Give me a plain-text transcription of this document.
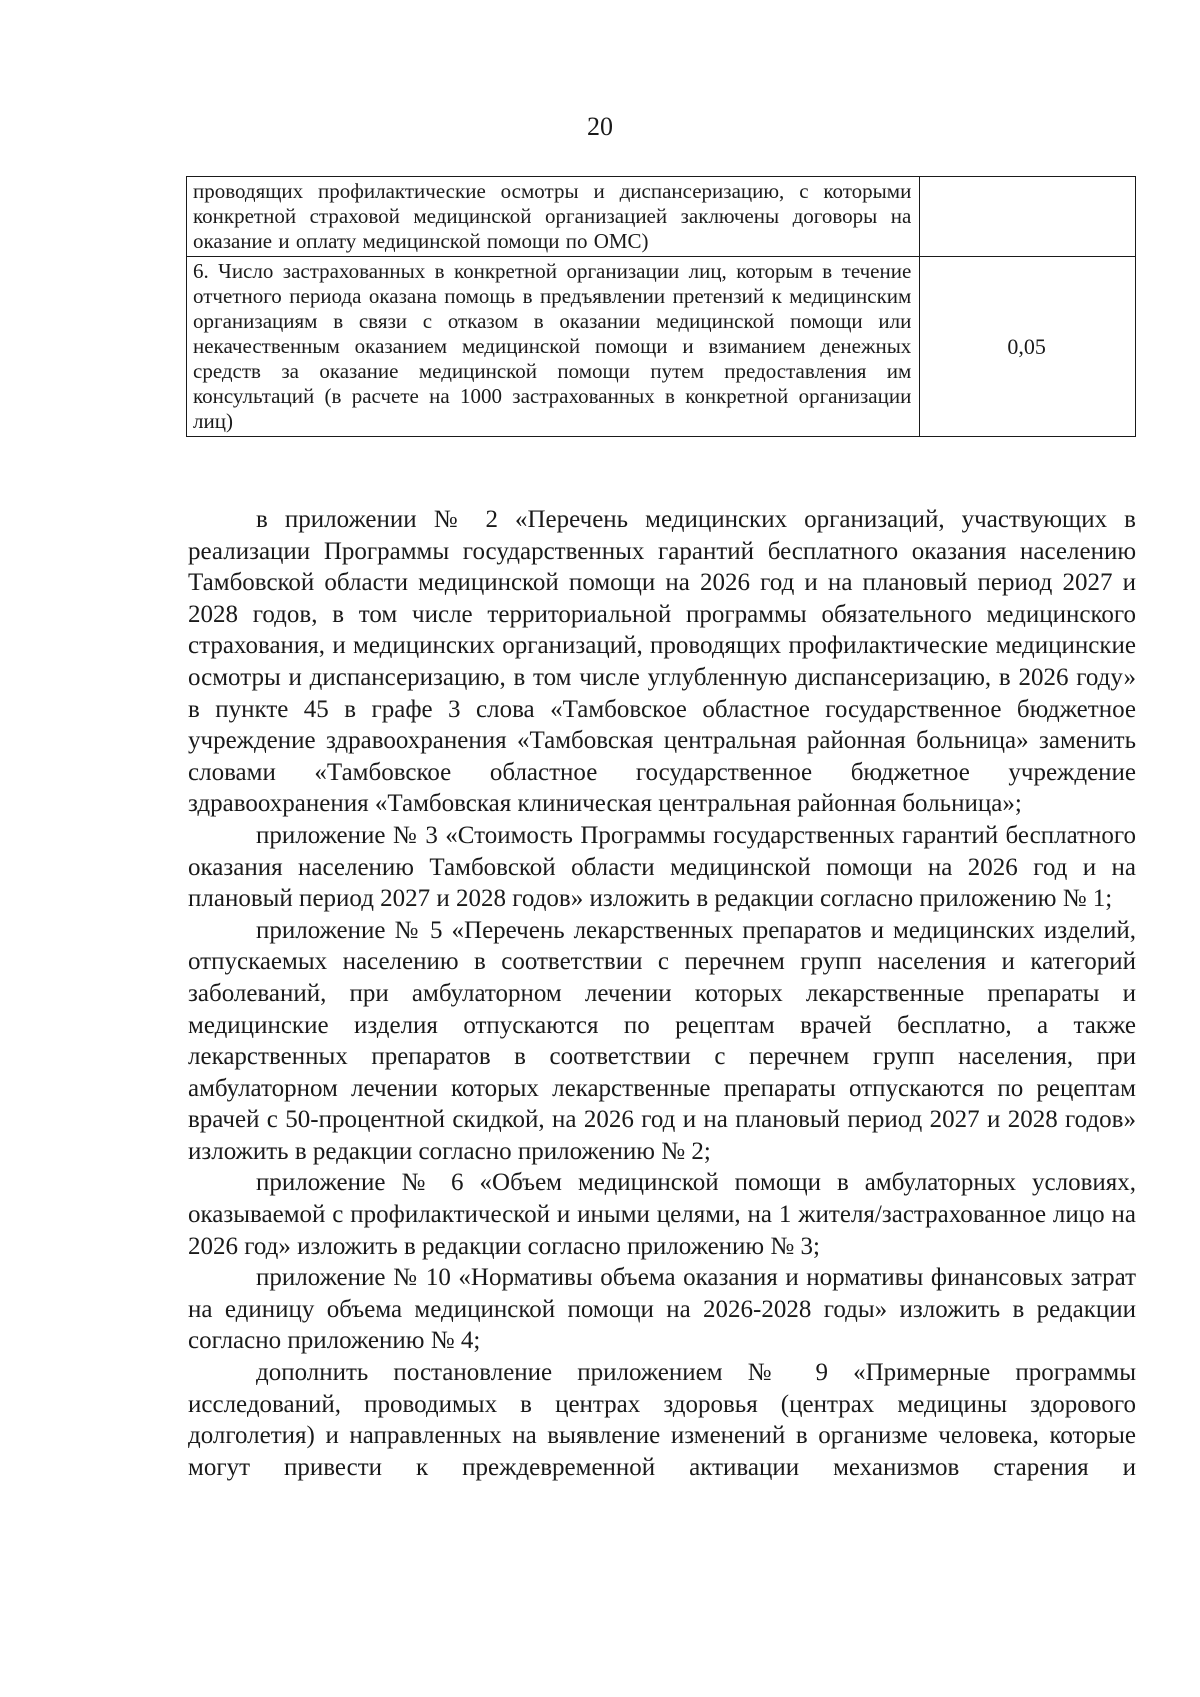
20
проводящих профилактические осмотры и диспансеризацию, с которыми конкретной страховой медицинской организацией заключены договоры на оказание и оплату медицинской помощи по ОМС)	
6. Число застрахованных в конкретной организации лиц, которым в течение отчетного периода оказана помощь в предъявлении претензий к медицинским организациям в связи с отказом в оказании медицинской помощи или некачественным оказанием медицинской помощи и взиманием денежных средств за оказание медицинской помощи путем предоставления им консультаций (в расчете на 1000 застрахованных в конкретной организации лиц)	0,05

в приложении № 2 «Перечень медицинских организаций, участвующих в реализации Программы государственных гарантий бесплатного оказания населению Тамбовской области медицинской помощи на 2026 год и на плановый период 2027 и 2028 годов, в том числе территориальной программы обязательного медицинского страхования, и медицинских организаций, проводящих профилактические медицинские осмотры и диспансеризацию, в том числе углубленную диспансеризацию, в 2026 году» в пункте 45 в графе 3 слова «Тамбовское областное государственное бюджетное учреждение здравоохранения «Тамбовская центральная районная больница» заменить словами «Тамбовское областное государственное бюджетное учреждение здравоохранения «Тамбовская клиническая центральная районная больница»;

приложение № 3 «Стоимость Программы государственных гарантий бесплатного оказания населению Тамбовской области медицинской помощи на 2026 год и на плановый период 2027 и 2028 годов» изложить в редакции согласно приложению № 1;

приложение № 5 «Перечень лекарственных препаратов и медицинских изделий, отпускаемых населению в соответствии с перечнем групп населения и категорий заболеваний, при амбулаторном лечении которых лекарственные препараты и медицинские изделия отпускаются по рецептам врачей бесплатно, а также лекарственных препаратов в соответствии с перечнем групп населения, при амбулаторном лечении которых лекарственные препараты отпускаются по рецептам врачей с 50-процентной скидкой, на 2026 год и на плановый период 2027 и 2028 годов» изложить в редакции согласно приложению № 2;

приложение № 6 «Объем медицинской помощи в амбулаторных условиях, оказываемой с профилактической и иными целями, на 1 жителя/застрахованное лицо на 2026 год» изложить в редакции согласно приложению № 3;

приложение № 10 «Нормативы объема оказания и нормативы финансовых затрат на единицу объема медицинской помощи на 2026-2028 годы» изложить в редакции согласно приложению № 4;

дополнить постановление приложением № 9 «Примерные программы исследований, проводимых в центрах здоровья (центрах медицины здорового долголетия) и направленных на выявление изменений в организме человека, которые могут привести к преждевременной активации механизмов старения и
